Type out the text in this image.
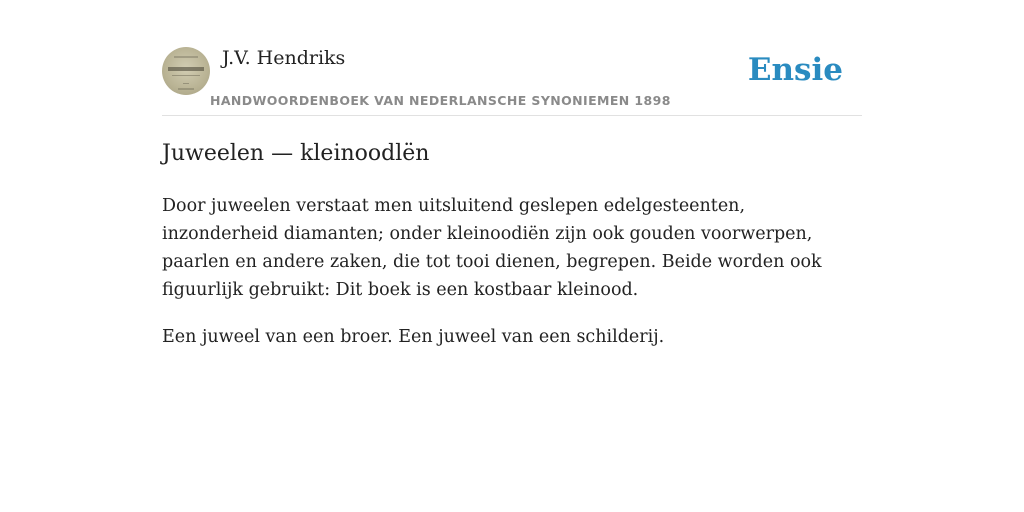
J.V. Hendriks
HANDWOORDENBOEK VAN NEDERLANSCHE SYNONIEMEN 1898
Ensie
Juweelen — kleinoodlën

Door juweelen verstaat men uitsluitend geslepen edelgesteenten, inzonderheid diamanten; onder kleinoodiën zijn ook gouden voorwerpen, paarlen en andere zaken, die tot tooi dienen, begrepen. Beide worden ook figuurlijk gebruikt: Dit boek is een kostbaar kleinood.

Een juweel van een broer. Een juweel van een schilderij.
